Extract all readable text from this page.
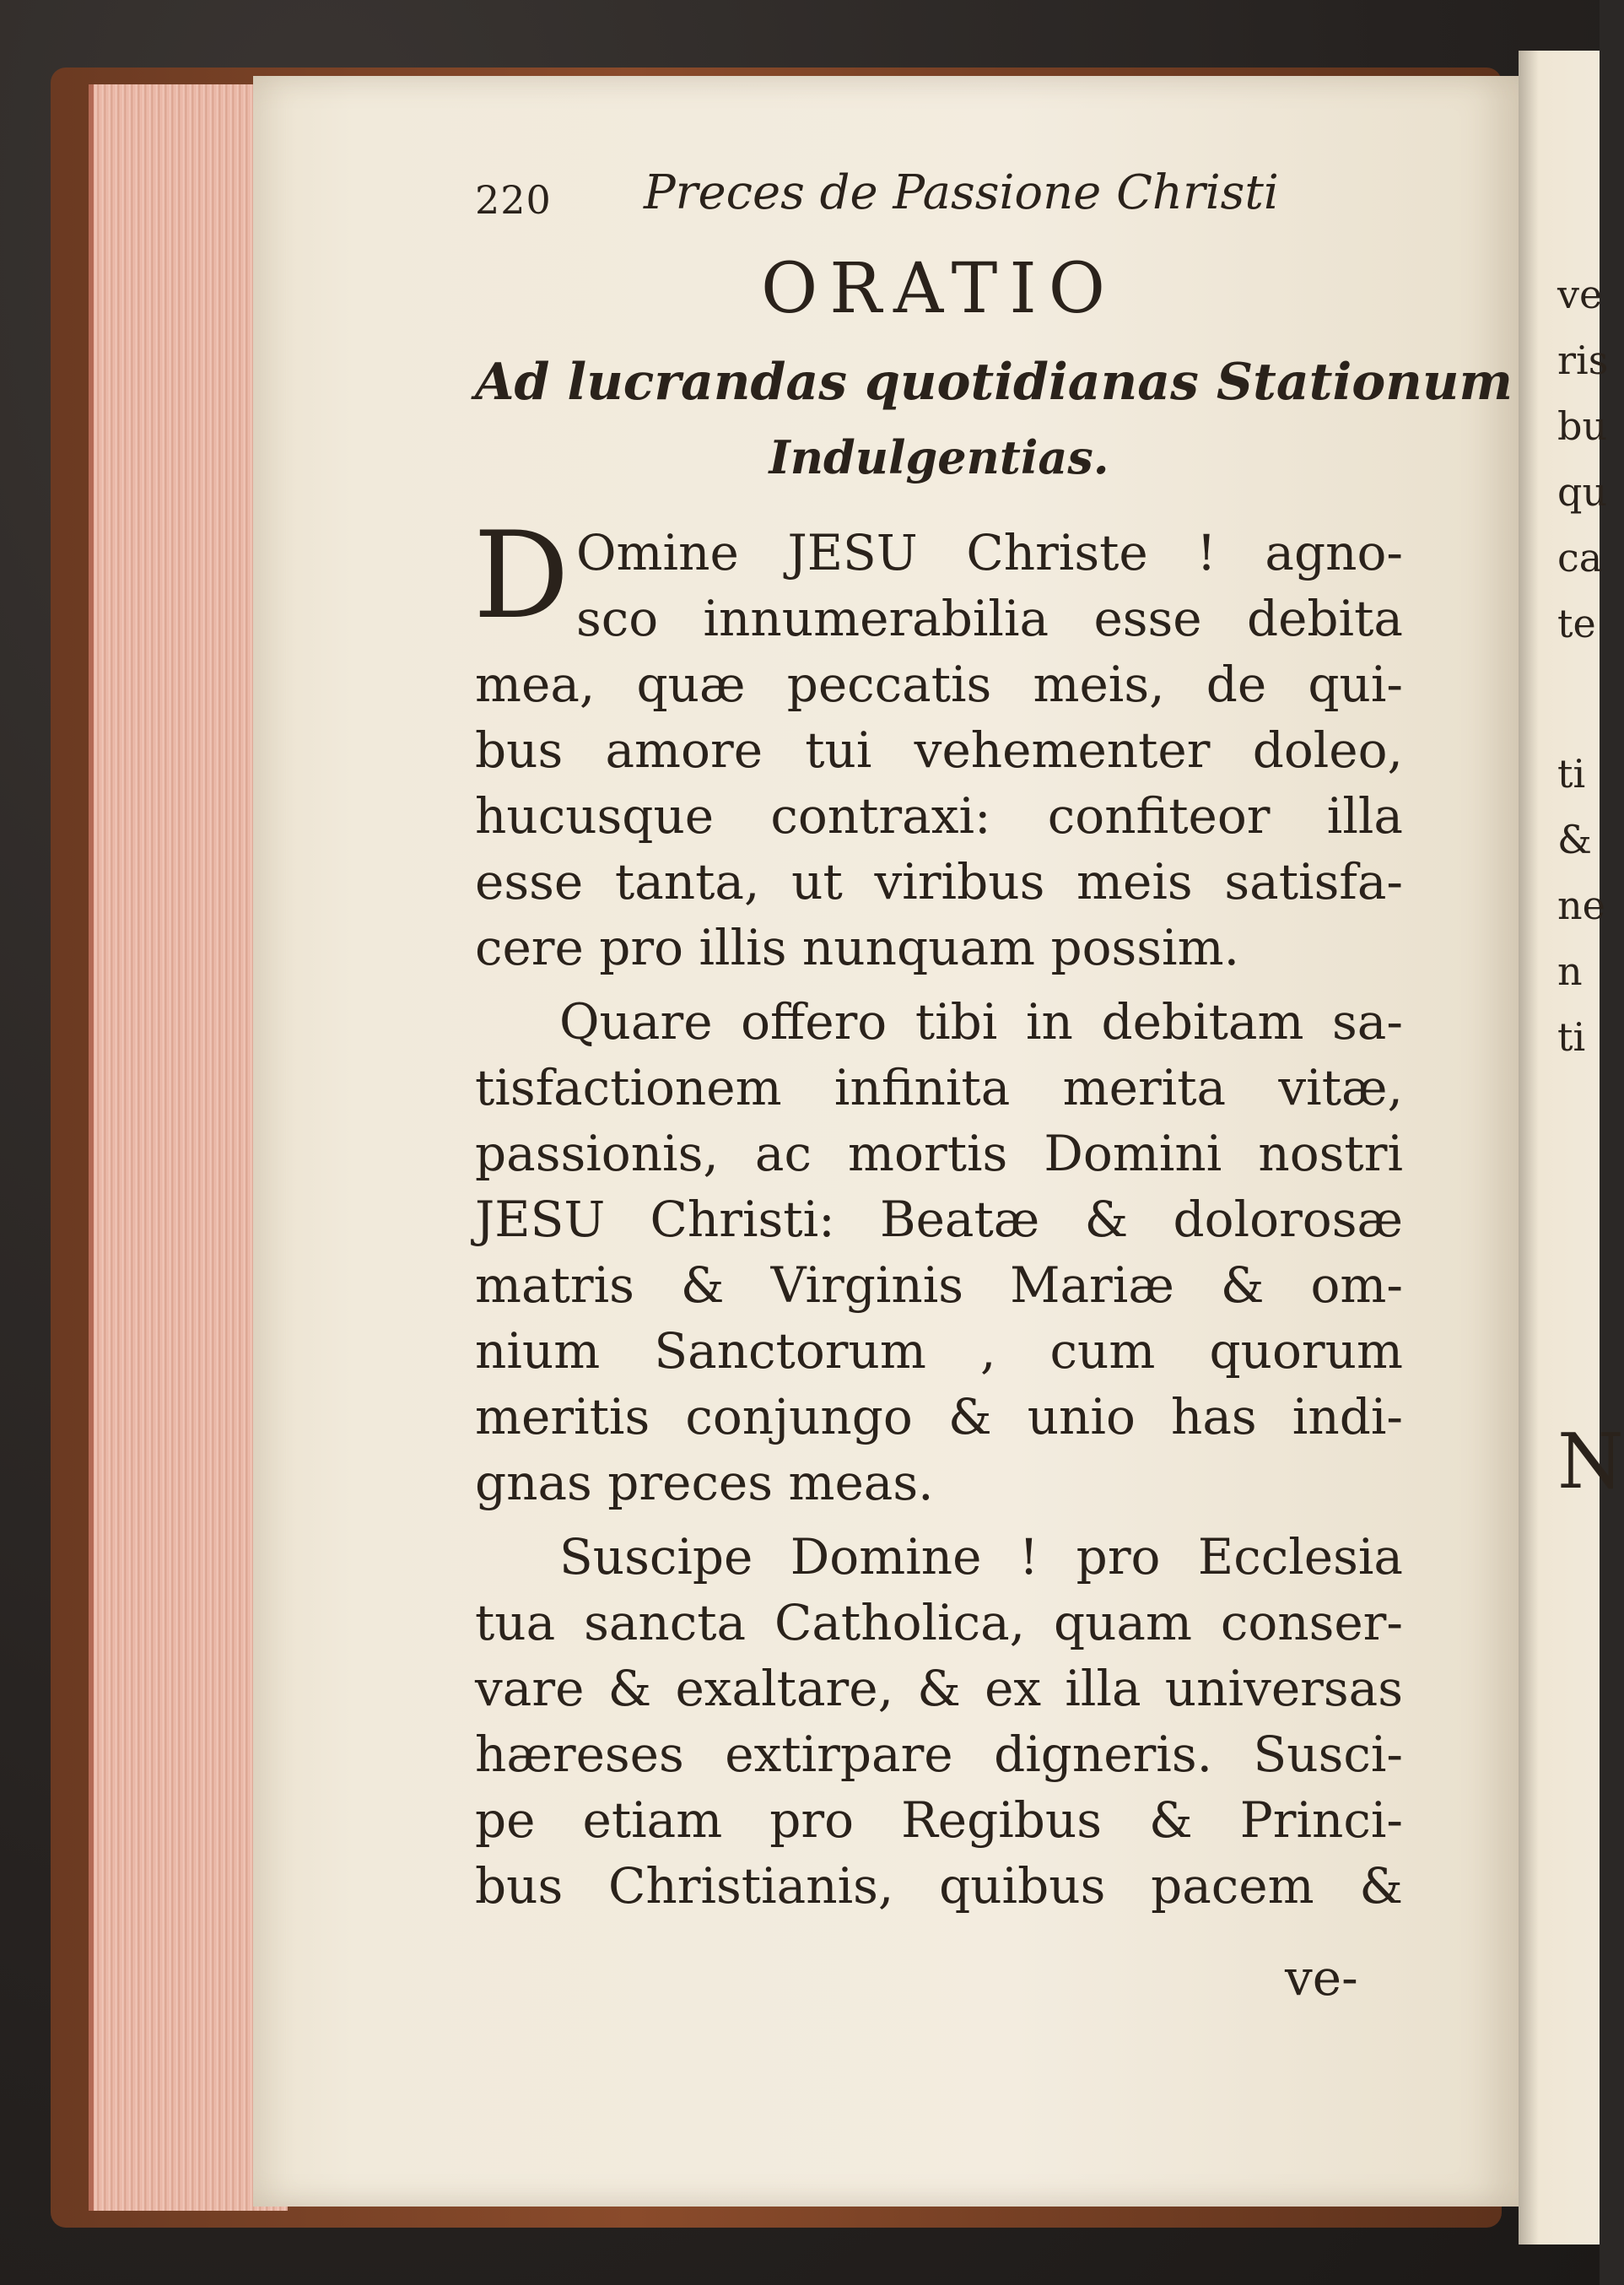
ve
ris
bu
qu
ca
te
ti
&
ne
n
ti
N
220 Preces de Passione Christi
ORATIO
Ad lucrandas quotidianas Stationum
Indulgentias.
D Omine JESU Christe ! agno-
sco innumerabilia esse debita
mea, quæ peccatis meis, de qui-
bus amore tui vehementer doleo,
hucusque contraxi: confiteor illa
esse tanta, ut viribus meis satisfa-
cere pro illis nunquam possim.
Quare offero tibi in debitam sa-
tisfactionem infinita merita vitæ,
passionis, ac mortis Domini nostri
JESU Christi: Beatæ & dolorosæ
matris & Virginis Mariæ & om-
nium Sanctorum , cum quorum
meritis conjungo & unio has indi-
gnas preces meas.
Suscipe Domine ! pro Ecclesia
tua sancta Catholica, quam conser-
vare & exaltare, & ex illa universas
hæreses extirpare digneris. Susci-
pe etiam pro Regibus & Princi-
bus Christianis, quibus pacem &
ve-
